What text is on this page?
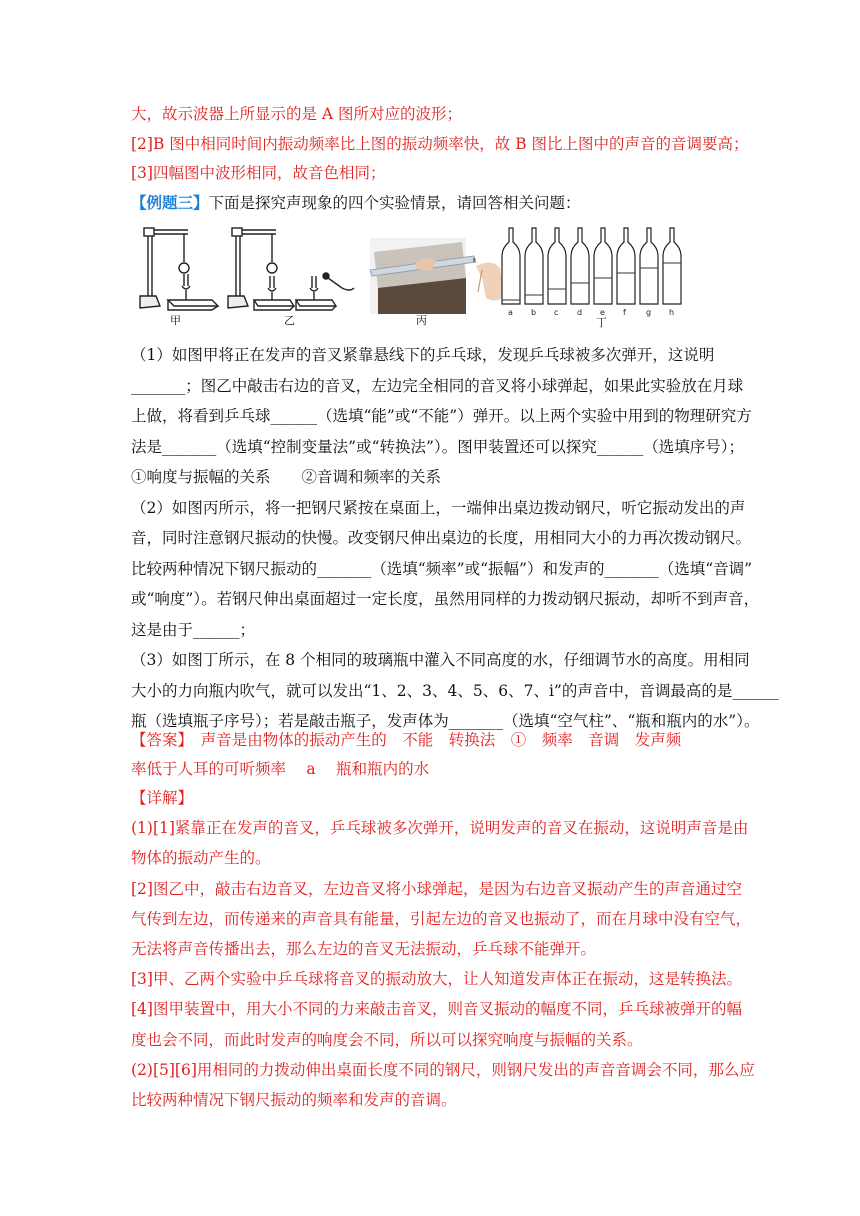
大，故示波器上所显示的是 A 图所对应的波形；
[2]B 图中相同时间内振动频率比上图的振动频率快，故 B 图比上图中的声音的音调要高；
[3]四幅图中波形相同，故音色相同；
【例题三】下面是探究声现象的四个实验情景，请回答相关问题：
甲	乙	丙
a b c d e f	g h
丁
（1）如图甲将正在发声的音叉紧靠悬线下的乒乓球，发现乒乓球被多次弹开，这说明
_______；图乙中敲击右边的音叉，左边完全相同的音叉将小球弹起，如果此实验放在月球
上做，将看到乒乓球______（选填“能”或“不能”）弹开。以上两个实验中用到的物理研究方
法是_______（选填“控制变量法”或“转换法”）。图甲装置还可以探究______（选填序号）；
①响度与振幅的关系　　②音调和频率的关系
（2）如图丙所示，将一把钢尺紧按在桌面上，一端伸出桌边拨动钢尺，听它振动发出的声
音，同时注意钢尺振动的快慢。改变钢尺伸出桌边的长度，用相同大小的力再次拨动钢尺。
比较两种情况下钢尺振动的_______（选填“频率”或“振幅”）和发声的_______（选填“音调”
或“响度”）。若钢尺伸出桌面超过一定长度，虽然用同样的力拨动钢尺振动，却听不到声音，
这是由于______；
（3）如图丁所示，在 8 个相同的玻璃瓶中灌入不同高度的水，仔细调节水的高度。用相同
大小的力向瓶内吹气，就可以发出“1、2、3、4、5、6、7、i”的声音中，音调最高的是______
瓶（选填瓶子序号）；若是敲击瓶子，发声体为_______（选填“空气柱”、“瓶和瓶内的水”）。
【答案】　声音是由物体的振动产生的　不能　转换法　①　频率　音调　发声频
率低于人耳的可听频率　 a　 瓶和瓶内的水
【详解】
(1)[1]紧靠正在发声的音叉，乒乓球被多次弹开，说明发声的音叉在振动，这说明声音是由
物体的振动产生的。
[2]图乙中，敲击右边音叉，左边音叉将小球弹起，是因为右边音叉振动产生的声音通过空
气传到左边，而传递来的声音具有能量，引起左边的音叉也振动了，而在月球中没有空气，
无法将声音传播出去，那么左边的音叉无法振动，乒乓球不能弹开。
[3]甲、乙两个实验中乒乓球将音叉的振动放大，让人知道发声体正在振动，这是转换法。
[4]图甲装置中，用大小不同的力来敲击音叉，则音叉振动的幅度不同，乒乓球被弹开的幅
度也会不同，而此时发声的响度会不同，所以可以探究响度与振幅的关系。
(2)[5][6]用相同的力拨动伸出桌面长度不同的钢尺，则钢尺发出的声音音调会不同，那么应
比较两种情况下钢尺振动的频率和发声的音调。
